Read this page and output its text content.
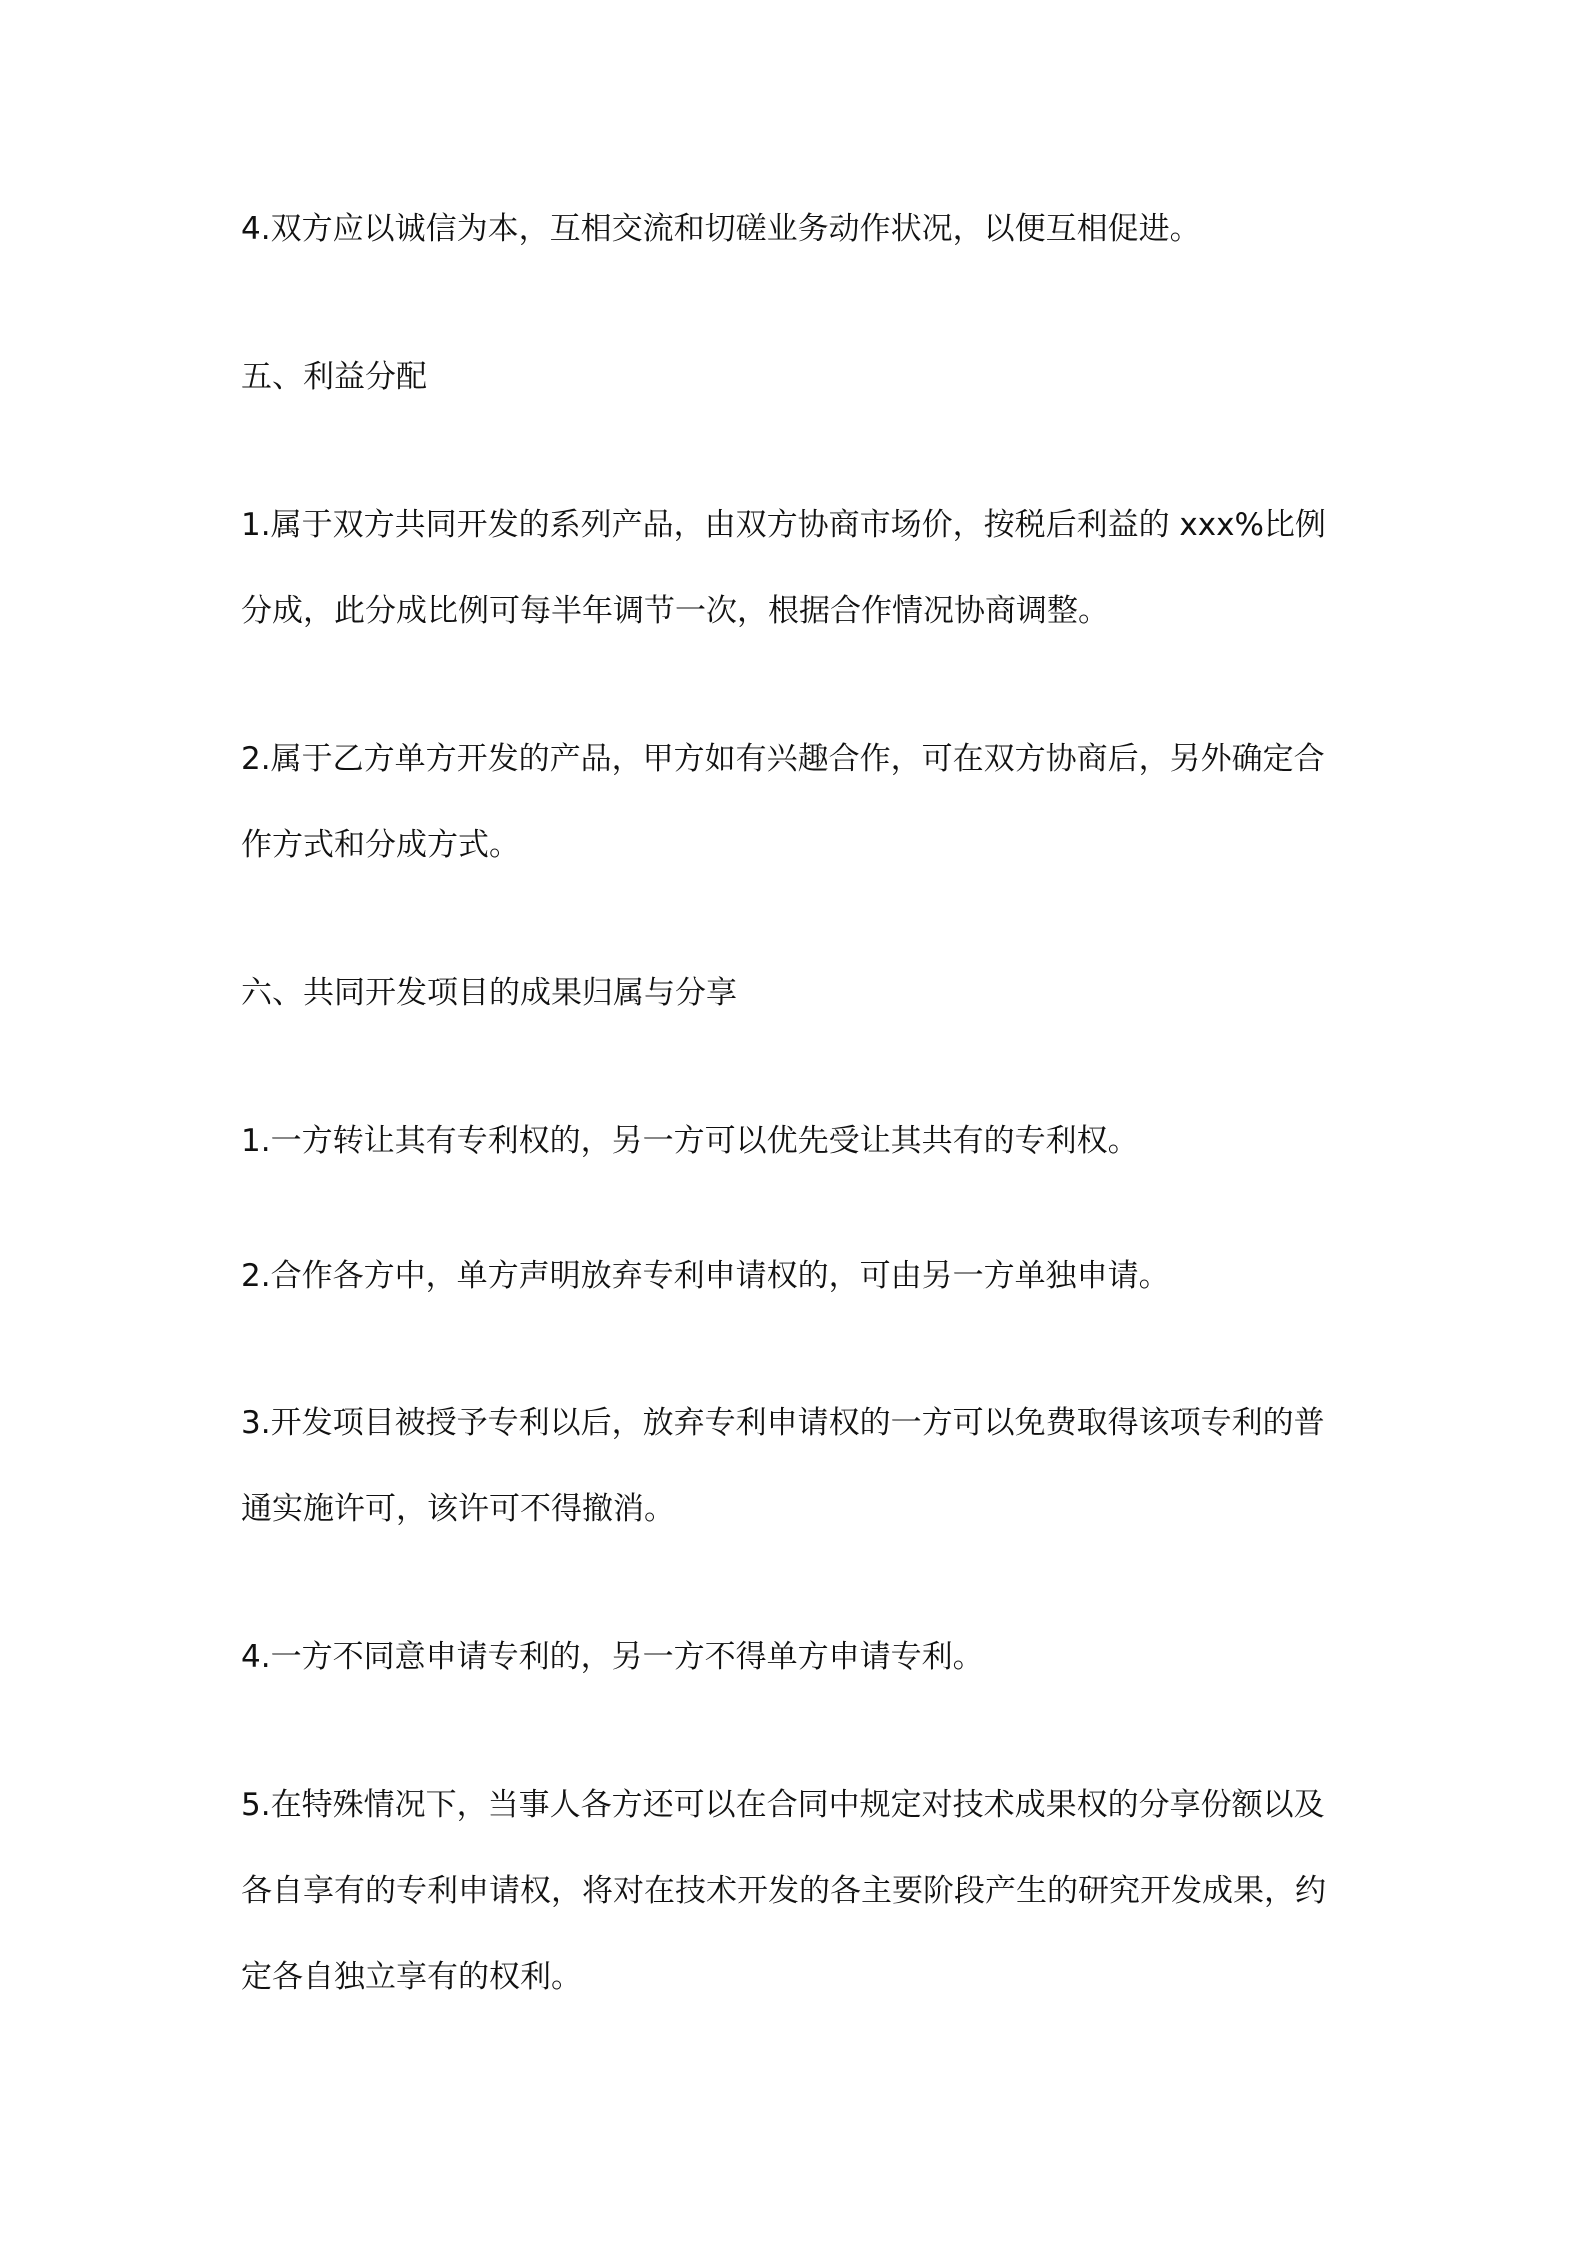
4.双方应以诚信为本，互相交流和切磋业务动作状况，以便互相促进。
五、利益分配
1.属于双方共同开发的系列产品，由双方协商市场价，按税后利益的 xxx%比例
分成，此分成比例可每半年调节一次，根据合作情况协商调整。
2.属于乙方单方开发的产品，甲方如有兴趣合作，可在双方协商后，另外确定合
作方式和分成方式。
六、共同开发项目的成果归属与分享
1.一方转让其有专利权的，另一方可以优先受让其共有的专利权。
2.合作各方中，单方声明放弃专利申请权的，可由另一方单独申请。
3.开发项目被授予专利以后，放弃专利申请权的一方可以免费取得该项专利的普
通实施许可，该许可不得撤消。
4.一方不同意申请专利的，另一方不得单方申请专利。
5.在特殊情况下，当事人各方还可以在合同中规定对技术成果权的分享份额以及
各自享有的专利申请权，将对在技术开发的各主要阶段产生的研究开发成果，约
定各自独立享有的权利。
